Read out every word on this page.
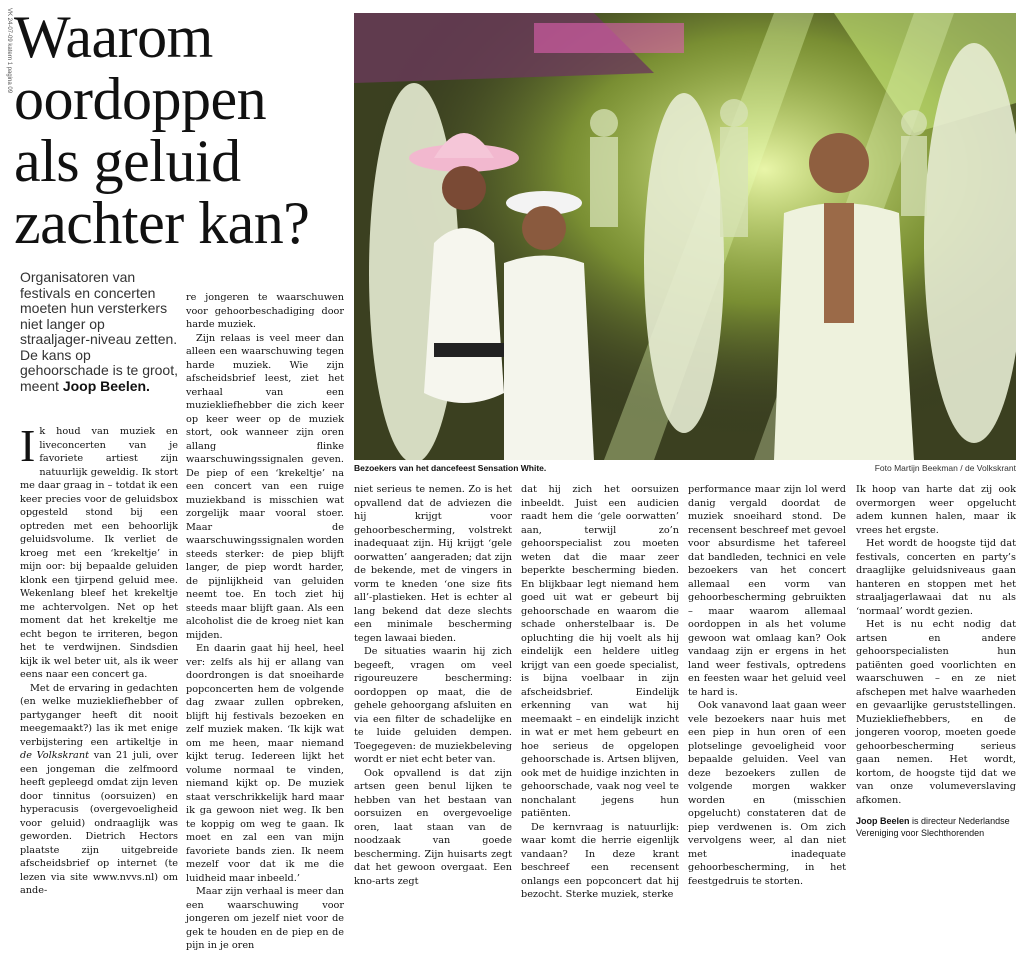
VK 24-07-09 katern 1 pagina 09 Waarom
oordoppen
als geluid
zachter kan?
Organisatoren van festivals en concerten moeten hun versterkers niet langer op straaljager-niveau zetten. De kans op gehoorschade is te groot, meent Joop Beelen.

Ik houd van muziek en liveconcerten van je favoriete artiest zijn natuurlijk geweldig. Ik stort me daar graag in – totdat ik een keer precies voor de geluidsbox opgesteld stond bij een optreden met een behoorlijk geluidsvolume. Ik verliet de kroeg met een ‘krekeltje’ in mijn oor: bij bepaalde geluiden klonk een tjirpend geluid mee. Wekenlang bleef het krekeltje me achtervolgen. Net op het moment dat het krekeltje me echt begon te irriteren, begon het te verdwijnen. Sindsdien kijk ik wel beter uit, als ik weer eens naar een concert ga.

Met de ervaring in gedachten (en welke muziekliefhebber of partyganger heeft dit nooit meegemaakt?) las ik met enige verbijstering een artikeltje in de Volkskrant van 21 juli, over een jongeman die zelfmoord heeft gepleegd omdat zijn leven door tinnitus (oorsuizen) en hyperacusis (overgevoeligheid voor geluid) ondraaglijk was geworden. Dietrich Hectors plaatste zijn uitgebreide afscheidsbrief op internet (te lezen via site www.nvvs.nl) om ande-

re jongeren te waarschuwen voor gehoorbeschadiging door harde muziek.

Zijn relaas is veel meer dan alleen een waarschuwing tegen harde muziek. Wie zijn afscheidsbrief leest, ziet het verhaal van een muziekliefhebber die zich keer op keer weer op de muziek stort, ook wanneer zijn oren allang flinke waarschuwingssignalen geven. De piep of een ‘krekeltje’ na een concert van een ruige muziekband is misschien wat zorgelijk maar vooral stoer. Maar de waarschuwingssignalen worden steeds sterker: de piep blijft langer, de piep wordt harder, de pijnlijkheid van geluiden neemt toe. En toch ziet hij steeds maar blijft gaan. Als een alcoholist die de kroeg niet kan mijden.

En daarin gaat hij heel, heel ver: zelfs als hij er allang van doordrongen is dat snoeiharde popconcerten hem de volgende dag zwaar zullen opbreken, blijft hij festivals bezoeken en zelf muziek maken. ‘Ik kijk wat om me heen, maar niemand kijkt terug. Iedereen lijkt het volume normaal te vinden, niemand kijkt op. De muziek staat verschrikkelijk hard maar ik ga gewoon niet weg. Ik ben te koppig om weg te gaan. Ik moet en zal een van mijn favoriete bands zien. Ik neem mezelf voor dat ik me die luidheid maar inbeeld.’

Maar zijn verhaal is meer dan een waarschuwing voor jongeren om jezelf niet voor de gek te houden en de piep en de pijn in je oren

Bezoekers van het dancefeest Sensation White.	Foto Martijn Beekman / de Volkskrant

niet serieus te nemen. Zo is het opvallend dat de adviezen die hij krijgt voor gehoorbescherming, volstrekt inadequaat zijn. Hij krijgt ‘gele oorwatten’ aangeraden; dat zijn de bekende, met de vingers in vorm te kneden ‘one size fits all’-plastieken. Het is echter al lang bekend dat deze slechts een minimale bescherming tegen lawaai bieden.

De situaties waarin hij zich begeeft, vragen om veel rigoureuzere bescherming: oordoppen op maat, die de gehele gehoorgang afsluiten en via een filter de schadelijke en te luide geluiden dempen. Toegegeven: de muziekbeleving wordt er niet echt beter van.

Ook opvallend is dat zijn artsen geen benul lijken te hebben van het bestaan van oorsuizen en overgevoelige oren, laat staan van de noodzaak van goede bescherming. Zijn huisarts zegt dat het gewoon overgaat. Een kno-arts zegt

dat hij zich het oorsuizen inbeeldt. Juist een audicien raadt hem die ‘gele oorwatten’ aan, terwijl zo’n gehoorspecialist zou moeten weten dat die maar zeer beperkte bescherming bieden. En blijkbaar legt niemand hem goed uit wat er gebeurt bij gehoorschade en waarom die schade onherstelbaar is. De opluchting die hij voelt als hij eindelijk een heldere uitleg krijgt van een goede specialist, is bijna voelbaar in zijn afscheidsbrief. Eindelijk erkenning van wat hij meemaakt – en eindelijk inzicht in wat er met hem gebeurt en hoe serieus de opgelopen gehoorschade is. Artsen blijven, ook met de huidige inzichten in gehoorschade, vaak nog veel te nonchalant jegens hun patiënten.

De kernvraag is natuurlijk: waar komt die herrie eigenlijk vandaan? In deze krant beschreef een recensent onlangs een popconcert dat hij bezocht. Sterke muziek, sterke

performance maar zijn lol werd danig vergald doordat de muziek snoeihard stond. De recensent beschreef met gevoel voor absurdisme het tafereel dat bandleden, technici en vele bezoekers van het concert allemaal een vorm van gehoorbescherming gebruikten – maar waarom allemaal oordoppen in als het volume gewoon wat omlaag kan? Ook vandaag zijn er ergens in het land weer festivals, optredens en feesten waar het geluid veel te hard is.

Ook vanavond laat gaan weer vele bezoekers naar huis met een piep in hun oren of een plotselinge gevoeligheid voor bepaalde geluiden. Veel van deze bezoekers zullen de volgende morgen wakker worden en (misschien opgelucht) constateren dat de piep verdwenen is. Om zich vervolgens weer, al dan niet met inadequate gehoorbescherming, in het feestgedruis te storten.

Ik hoop van harte dat zij ook overmorgen weer opgelucht adem kunnen halen, maar ik vrees het ergste.

Het wordt de hoogste tijd dat festivals, concerten en party’s draaglijke geluidsniveaus gaan hanteren en stoppen met het straaljagerlawaai dat nu als ‘normaal’ wordt gezien.

Het is nu echt nodig dat artsen en andere gehoorspecialisten hun patiënten goed voorlichten en waarschuwen – en ze niet afschepen met halve waarheden en gevaarlijke geruststellingen. Muziekliefhebbers, en de jongeren voorop, moeten goede gehoorbescherming serieus gaan nemen. Het wordt, kortom, de hoogste tijd dat we van onze volumeverslaving afkomen.

Joop Beelen is directeur Nederlandse Vereniging voor Slechthorenden
